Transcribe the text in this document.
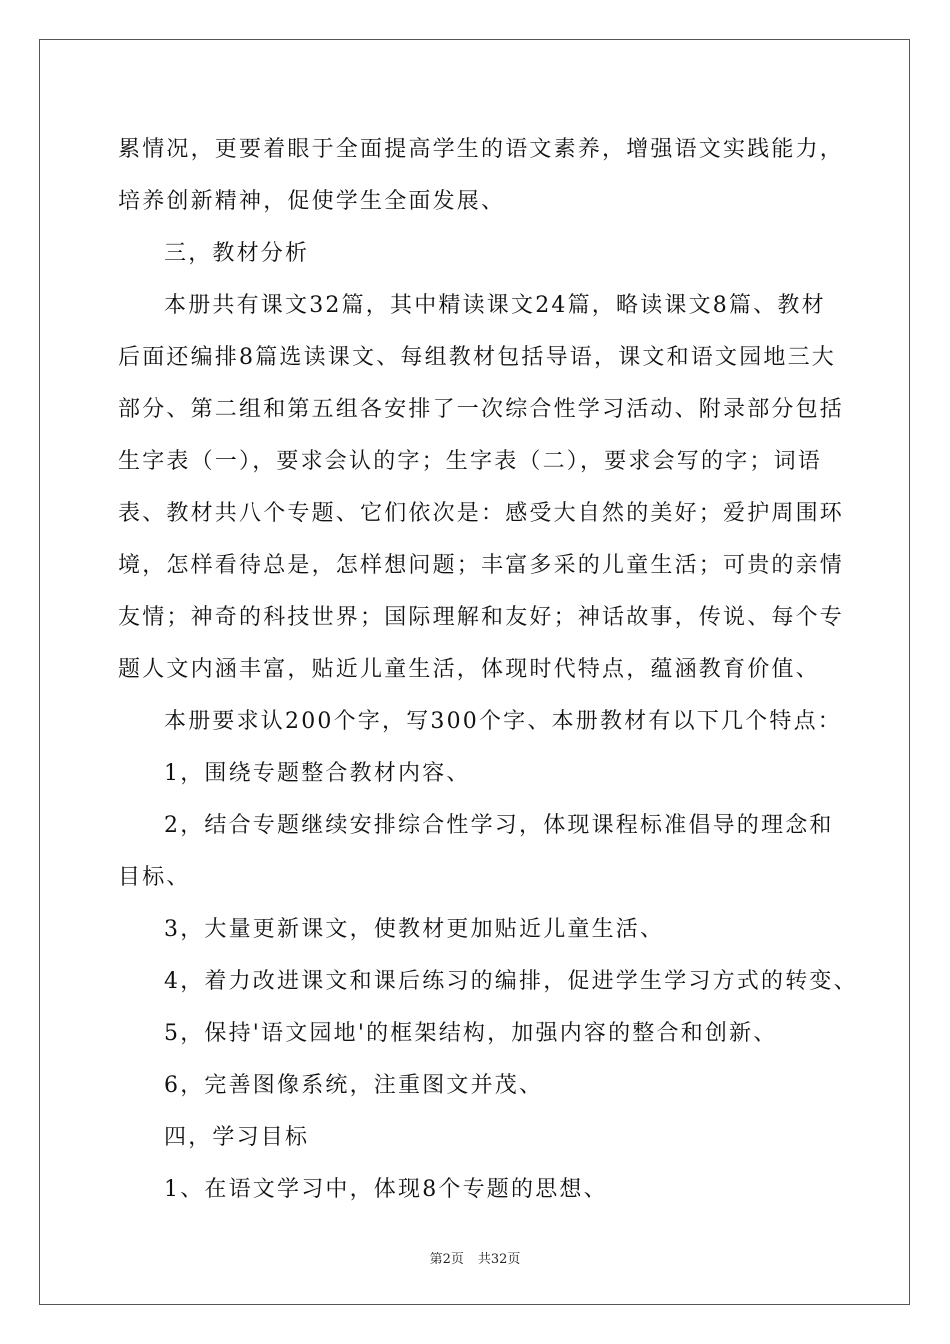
累情况，更要着眼于全面提高学生的语文素养，增强语文实践能力，
培养创新精神，促使学生全面发展、
三，教材分析
本册共有课文32篇，其中精读课文24篇，略读课文8篇、教材
后面还编排8篇选读课文、每组教材包括导语，课文和语文园地三大
部分、第二组和第五组各安排了一次综合性学习活动、附录部分包括
生字表（一），要求会认的字；生字表（二），要求会写的字；词语
表、教材共八个专题、它们依次是：感受大自然的美好；爱护周围环
境，怎样看待总是，怎样想问题；丰富多采的儿童生活；可贵的亲情
友情；神奇的科技世界；国际理解和友好；神话故事，传说、每个专
题人文内涵丰富，贴近儿童生活，体现时代特点，蕴涵教育价值、
本册要求认200个字，写300个字、本册教材有以下几个特点：
1，围绕专题整合教材内容、
2，结合专题继续安排综合性学习，体现课程标准倡导的理念和
目标、
3，大量更新课文，使教材更加贴近儿童生活、
4，着力改进课文和课后练习的编排，促进学生学习方式的转变、
5，保持'语文园地'的框架结构，加强内容的整合和创新、
6，完善图像系统，注重图文并茂、
四，学习目标
1、在语文学习中，体现8个专题的思想、
第2页 共32页
